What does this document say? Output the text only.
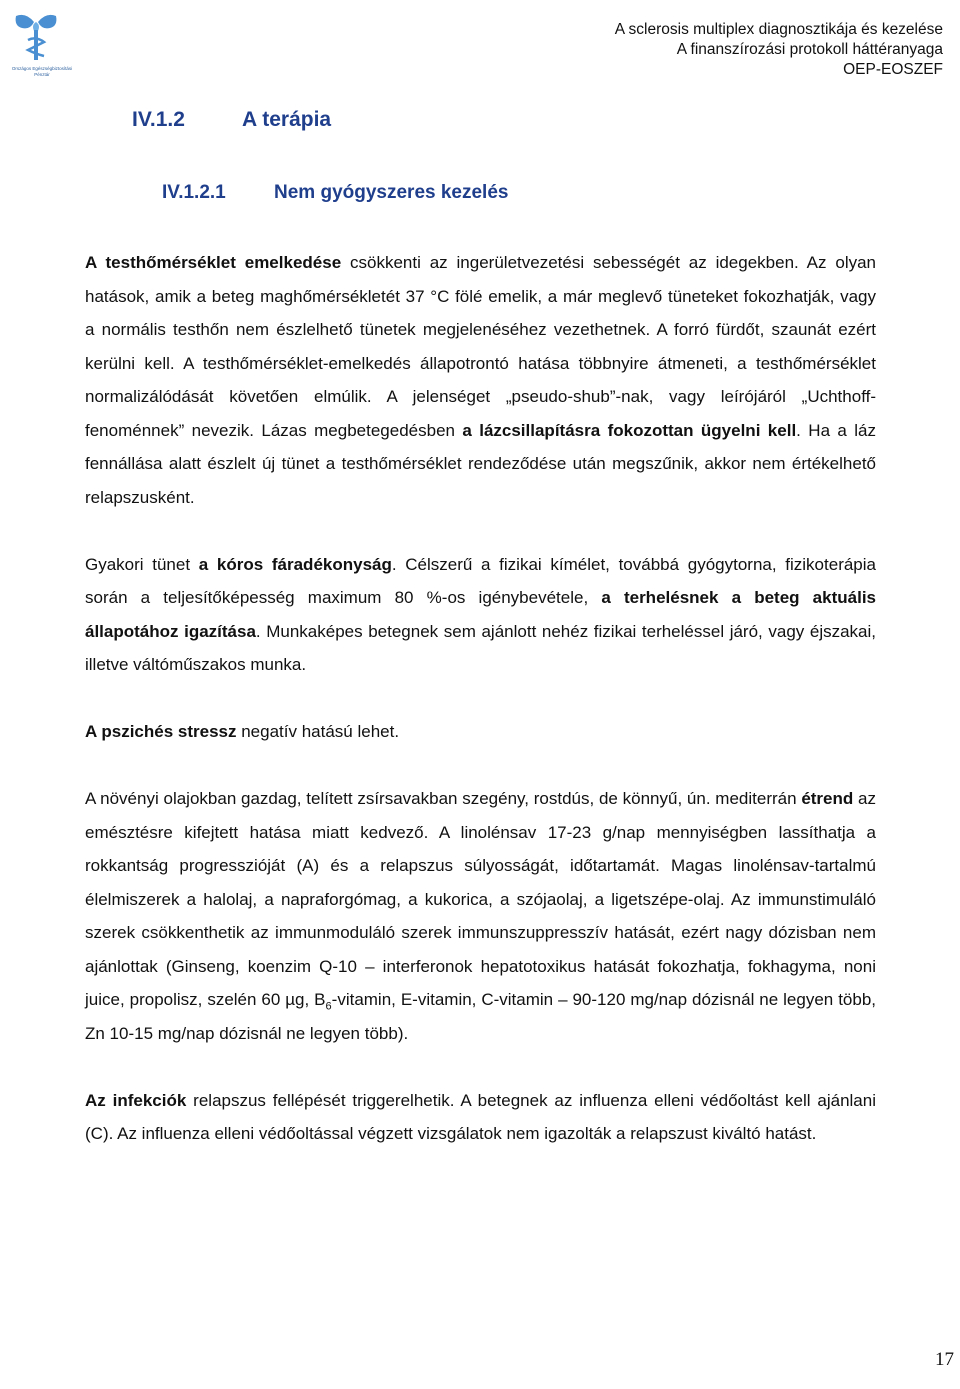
Országos Egészségbiztosítási Pénztár
A sclerosis multiplex diagnosztikája és kezelése
A finanszírozási protokoll háttéranyaga
OEP-EOSZEF
IV.1.2	A terápia
IV.1.2.1	Nem gyógyszeres kezelés

A testhőmérséklet emelkedése csökkenti az ingerületvezetési sebességét az idegekben. Az olyan hatások, amik a beteg maghőmérsékletét 37 °C fölé emelik, a már meglevő tüneteket fokozhatják, vagy a normális testhőn nem észlelhető tünetek megjelenéséhez vezethetnek. A forró fürdőt, szaunát ezért kerülni kell. A testhőmérséklet-emelkedés állapotrontó hatása többnyire átmeneti, a testhőmérséklet normalizálódását követően elmúlik. A jelenséget „pseudo-shub”-nak, vagy leírójáról „Uchthoff-fenoménnek” nevezik. Lázas megbetegedésben a lázcsillapításra fokozottan ügyelni kell. Ha a láz fennállása alatt észlelt új tünet a testhőmérséklet rendeződése után megszűnik, akkor nem értékelhető relapszusként.

Gyakori tünet a kóros fáradékonyság. Célszerű a fizikai kímélet, továbbá gyógytorna, fizikoterápia során a teljesítőképesség maximum 80 %-os igénybevétele, a terhelésnek a beteg aktuális állapotához igazítása. Munkaképes betegnek sem ajánlott nehéz fizikai terheléssel járó, vagy éjszakai, illetve váltóműszakos munka.

A pszichés stressz negatív hatású lehet.

A növényi olajokban gazdag, telített zsírsavakban szegény, rostdús, de könnyű, ún. mediterrán étrend az emésztésre kifejtett hatása miatt kedvező. A linolénsav 17-23 g/nap mennyiségben lassíthatja a rokkantság progresszióját (A) és a relapszus súlyosságát, időtartamát. Magas linolénsav-tartalmú élelmiszerek a halolaj, a napraforgómag, a kukorica, a szójaolaj, a ligetszépe-olaj. Az immunstimuláló szerek csökkenthetik az immunmoduláló szerek immunszuppresszív hatását, ezért nagy dózisban nem ajánlottak (Ginseng, koenzim Q-10 – interferonok hepatotoxikus hatását fokozhatja, fokhagyma, noni juice, propolisz, szelén 60 µg, $B_6$-vitamin, E-vitamin, C-vitamin – 90-120 mg/nap dózisnál ne legyen több, Zn 10-15 mg/nap dózisnál ne legyen több).

Az infekciók relapszus fellépését triggerelhetik. A betegnek az influenza elleni védőoltást kell ajánlani (C). Az influenza elleni védőoltással végzett vizsgálatok nem igazolták a relapszust kiváltó hatást.

17
